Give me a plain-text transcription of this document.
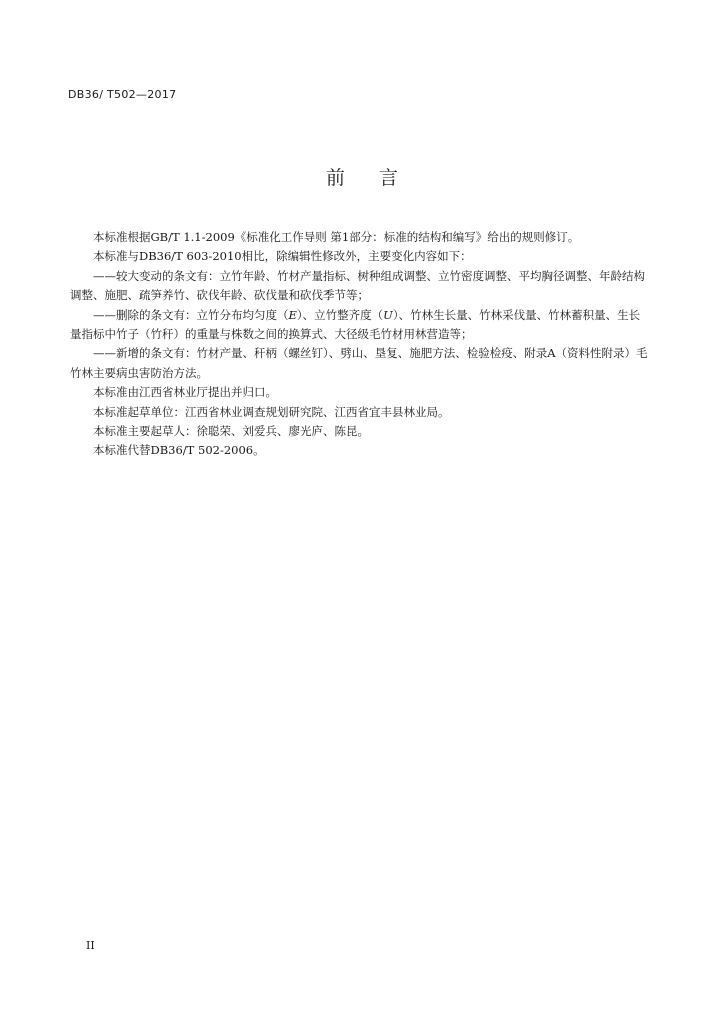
DB36/ T502—2017
前言

本标准根据GB/T 1.1-2009《标准化工作导则 第1部分：标准的结构和编写》给出的规则修订。

本标准与DB36/T 603-2010相比，除编辑性修改外，主要变化内容如下：

——较大变动的条文有：立竹年龄、竹材产量指标、树种组成调整、立竹密度调整、平均胸径调整、年龄结构调整、施肥、疏笋养竹、砍伐年龄、砍伐量和砍伐季节等；

——删除的条文有：立竹分布均匀度（E）、立竹整齐度（U）、竹林生长量、竹林采伐量、竹林蓄积量、生长量指标中竹子（竹秆）的重量与株数之间的换算式、大径级毛竹材用林营造等；

——新增的条文有：竹材产量、秆柄（螺丝钉）、劈山、垦复、施肥方法、检验检疫、附录A（资料性附录）毛竹林主要病虫害防治方法。

本标准由江西省林业厅提出并归口。

本标准起草单位：江西省林业调查规划研究院、江西省宜丰县林业局。

本标准主要起草人：徐聪荣、刘爱兵、廖光庐、陈昆。

本标准代替DB36/T 502-2006。

II
